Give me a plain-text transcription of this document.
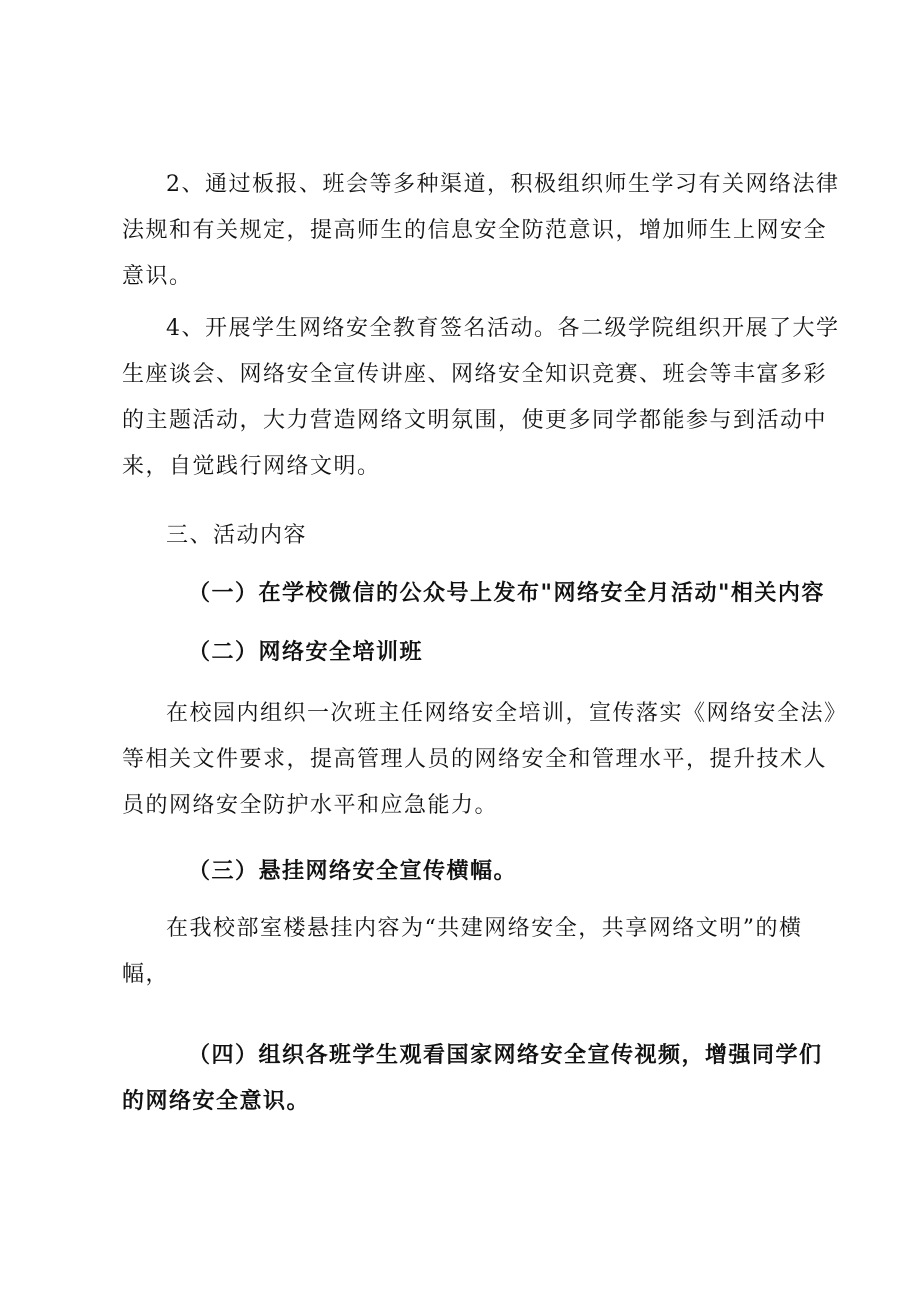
2、通过板报、班会等多种渠道，积极组织师生学习有关网络法律
法规和有关规定，提高师生的信息安全防范意识，增加师生上网安全
意识。

4、开展学生网络安全教育签名活动。各二级学院组织开展了大学
生座谈会、网络安全宣传讲座、网络安全知识竞赛、班会等丰富多彩
的主题活动，大力营造网络文明氛围，使更多同学都能参与到活动中
来，自觉践行网络文明。

三、活动内容

（一）在学校微信的公众号上发布"网络安全月活动"相关内容

（二）网络安全培训班

在校园内组织一次班主任网络安全培训，宣传落实《网络安全法》
等相关文件要求，提高管理人员的网络安全和管理水平，提升技术人
员的网络安全防护水平和应急能力。

（三）悬挂网络安全宣传横幅。

在我校部室楼悬挂内容为“共建网络安全，共享网络文明”的横
幅，

（四）组织各班学生观看国家网络安全宣传视频，增强同学们
的网络安全意识。
